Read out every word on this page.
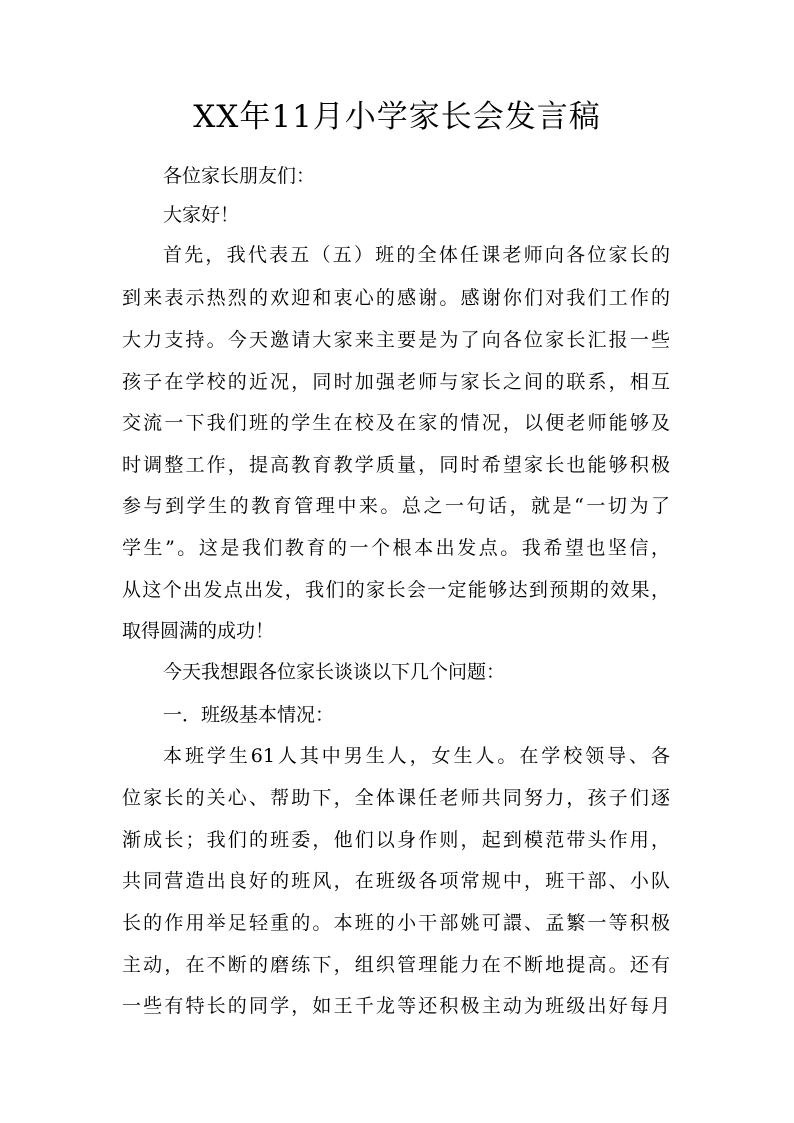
XX年11月小学家长会发言稿
各位家长朋友们：
大家好！
首先，我代表五（五）班的全体任课老师向各位家长的
到来表示热烈的欢迎和衷心的感谢。感谢你们对我们工作的
大力支持。今天邀请大家来主要是为了向各位家长汇报一些
孩子在学校的近况，同时加强老师与家长之间的联系，相互
交流一下我们班的学生在校及在家的情况，以便老师能够及
时调整工作，提高教育教学质量，同时希望家长也能够积极
参与到学生的教育管理中来。总之一句话，就是“一切为了
学生”。这是我们教育的一个根本出发点。我希望也坚信，
从这个出发点出发，我们的家长会一定能够达到预期的效果，
取得圆满的成功！
今天我想跟各位家长谈谈以下几个问题：
一．班级基本情况：
本班学生61人其中男生人，女生人。在学校领导、各
位家长的关心、帮助下，全体课任老师共同努力，孩子们逐
渐成长；我们的班委，他们以身作则，起到模范带头作用，
共同营造出良好的班风，在班级各项常规中，班干部、小队
长的作用举足轻重的。本班的小干部姚可譞、孟繁一等积极
主动，在不断的磨练下，组织管理能力在不断地提高。还有
一些有特长的同学，如王千龙等还积极主动为班级出好每月
